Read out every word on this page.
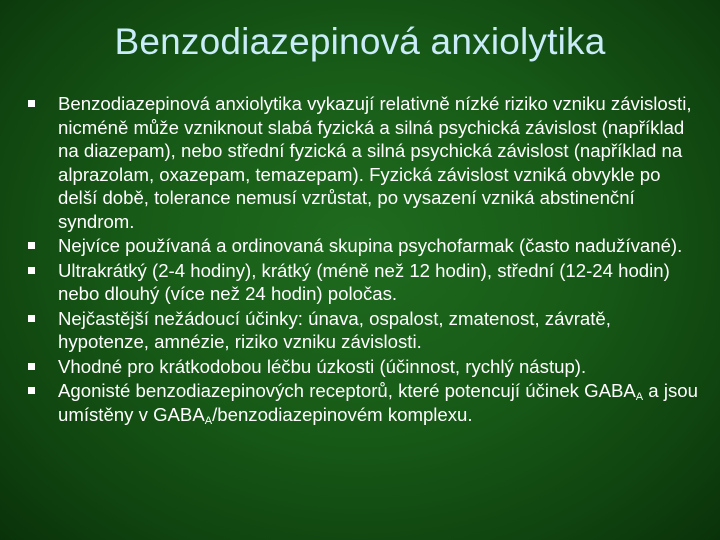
Benzodiazepinová anxiolytika
Benzodiazepinová anxiolytika vykazují relativně nízké riziko vzniku závislosti, nicméně může vzniknout slabá fyzická a silná psychická závislost (například na diazepam), nebo střední fyzická a silná psychická závislost (například na alprazolam, oxazepam, temazepam). Fyzická závislost vzniká obvykle po delší době, tolerance nemusí vzrůstat, po vysazení vzniká abstinenční syndrom.
Nejvíce používaná a ordinovaná skupina psychofarmak (často nadužívané).
Ultrakrátký (2-4 hodiny), krátký (méně než 12 hodin), střední (12-24 hodin) nebo dlouhý (více než 24 hodin) poločas.
Nejčastější nežádoucí účinky: únava, ospalost, zmatenost, závratě, hypotenze, amnézie, riziko vzniku závislosti.
Vhodné pro krátkodobou léčbu úzkosti (účinnost, rychlý nástup).
Agonisté benzodiazepinových receptorů, které potencují účinek $GABA_A$ a jsou umístěny v $GABA_A$/benzodiazepinovém komplexu.
